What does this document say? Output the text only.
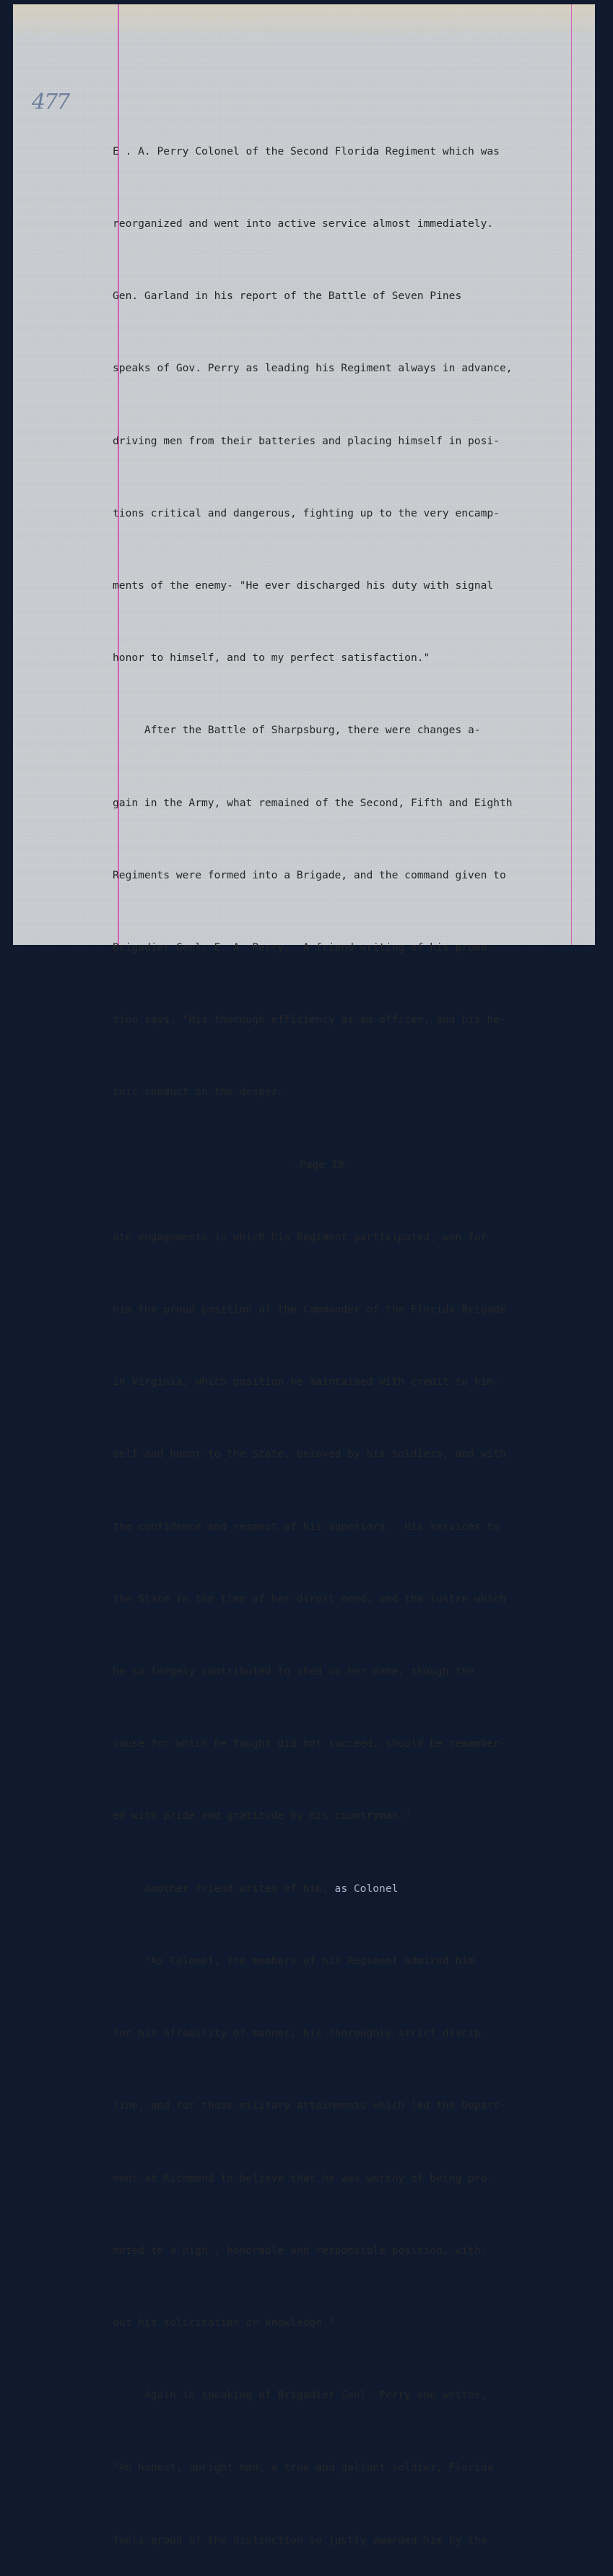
477

E . A. Perry Colonel of the Second Florida Regiment which was

reorganized and went into active service almost immediately.

Gen. Garland in his report of the Battle of Seven Pines

speaks of Gov. Perry as leading his Regiment always in advance,

driving men from their batteries and placing himself in posi-

tions critical and dangerous, fighting up to the very encamp-

ments of the enemy- "He ever discharged his duty with signal

honor to himself, and to my perfect satisfaction."

After the Battle of Sharpsburg, there were changes a-

gain in the Army, what remained of the Second, Fifth and Eighth

Regiments were formed into a Brigade, and the command given to

Brigadier Genl. E. A. Perry.  A friend writing of his promo-

tion says, "His thorough efficiency as an officer, and his he-

roic conduct in the desper-

-Page 19-

ate engagements in which his Regiment participated, won for

him the proud position of the Commander of the Florida Brigade

in Virginia, which position he maintained with credit to him-

self and honor to the State, beloved by his soldiers, and with

the confidence and respect of his superiors.  His services to

the State in the time of her direst need, and the lustre which

he so largely contributed to shed on her name, though the

cause for which he fought did not succeed, should be remember-

ed with pride and gratitude by his countryman."

Another friend writes of him, as Colonel

"As Colonel, the members of his Regiment admired him

for his affability of manner, his thoroughly strict discip-

line, and for those military attainments which led the Depart-

ment at Richmond to believe that he was worthy of being pro-

moted to a high , honorable and responsible position, with-

out his solicitation or knowledge."

Again in speaking of Brigadier Genl. Perry one writes,

"An honest, upright man, a true and gallant soldier, Florida

feels proud of the distinction so justly awarded him by the
